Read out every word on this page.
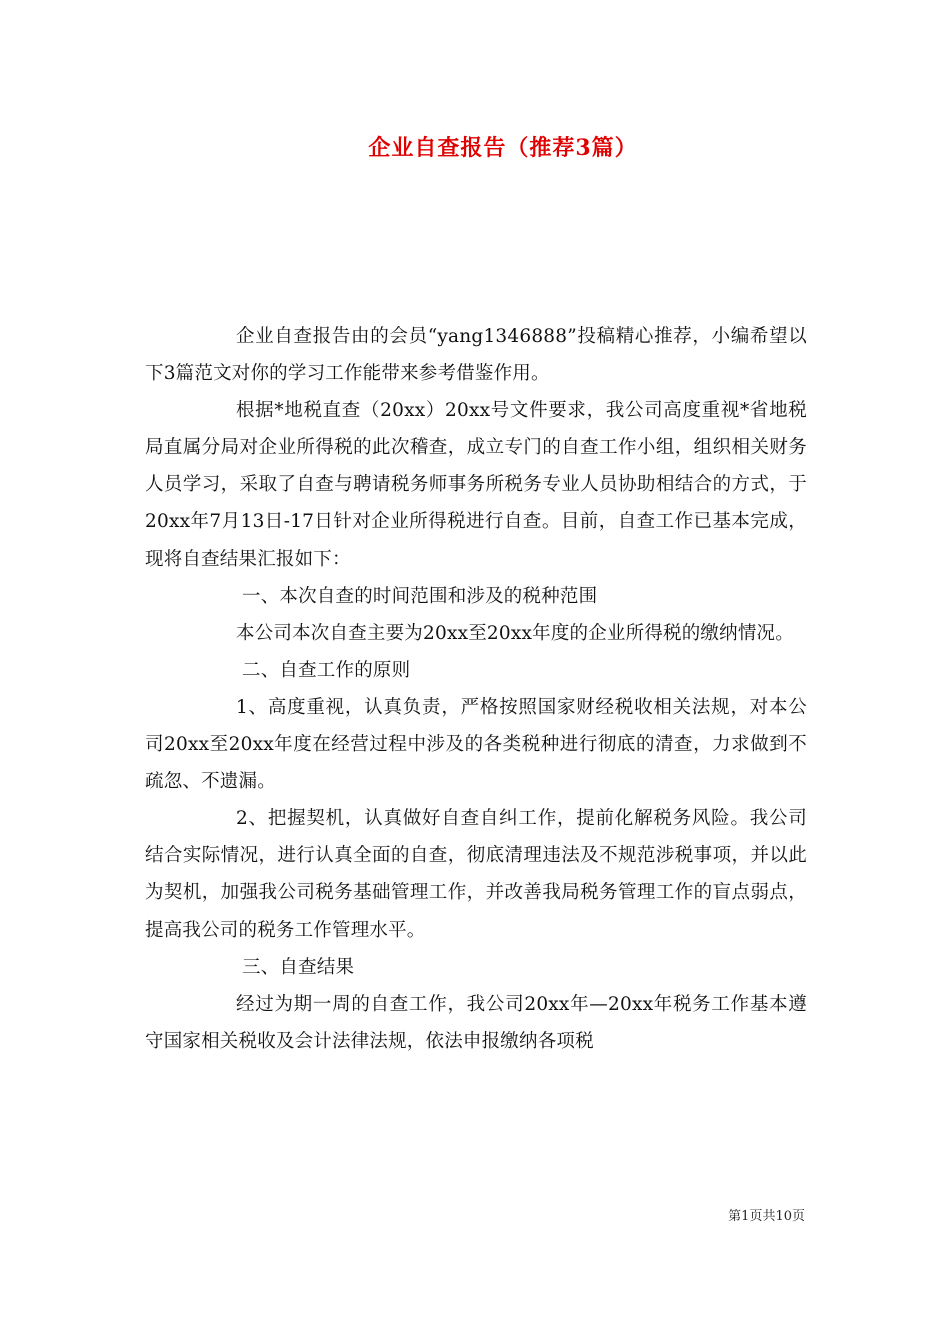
企业自查报告（推荐3篇）

企业自查报告由的会员“yang1346888”投稿精心推荐，小编希望以下3篇范文对你的学习工作能带来参考借鉴作用。

根据*地税直查（20xx）20xx号文件要求，我公司高度重视*省地税局直属分局对企业所得税的此次稽查，成立专门的自查工作小组，组织相关财务人员学习，采取了自查与聘请税务师事务所税务专业人员协助相结合的方式，于20xx年7月13日-17日针对企业所得税进行自查。目前，自查工作已基本完成，现将自查结果汇报如下：

一、本次自查的时间范围和涉及的税种范围

本公司本次自查主要为20xx至20xx年度的企业所得税的缴纳情况。

二、自查工作的原则

1、高度重视，认真负责，严格按照国家财经税收相关法规，对本公司20xx至20xx年度在经营过程中涉及的各类税种进行彻底的清查，力求做到不疏忽、不遗漏。

2、把握契机，认真做好自查自纠工作，提前化解税务风险。我公司结合实际情况，进行认真全面的自查，彻底清理违法及不规范涉税事项，并以此为契机，加强我公司税务基础管理工作，并改善我局税务管理工作的盲点弱点，提高我公司的税务工作管理水平。

三、自查结果

经过为期一周的自查工作，我公司20xx年—20xx年税务工作基本遵守国家相关税收及会计法律法规，依法申报缴纳各项税

第1页共10页
